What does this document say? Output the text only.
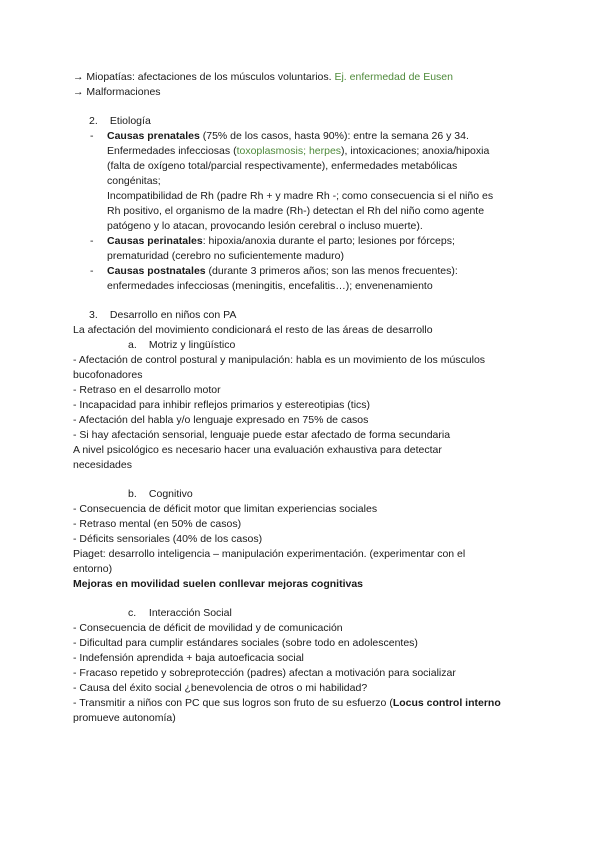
→ Miopatías: afectaciones de los músculos voluntarios. Ej. enfermedad de Eusen
→ Malformaciones
2. Etiología
-	Causas prenatales (75% de los casos, hasta 90%): entre la semana 26 y 34.
Enfermedades infecciosas (toxoplasmosis; herpes), intoxicaciones; anoxia/hipoxia
(falta de oxígeno total/parcial respectivamente), enfermedades metabólicas
congénitas;
Incompatibilidad de Rh (padre Rh + y madre Rh -; como consecuencia si el niño es
Rh positivo, el organismo de la madre (Rh-) detectan el Rh del niño como agente
patógeno y lo atacan, provocando lesión cerebral o incluso muerte).
-	Causas perinatales: hipoxia/anoxia durante el parto; lesiones por fórceps;
prematuridad (cerebro no suficientemente maduro)
-	Causas postnatales (durante 3 primeros años; son las menos frecuentes):
enfermedades infecciosas (meningitis, encefalitis…); envenenamiento
3. Desarrollo en niños con PA
La afectación del movimiento condicionará el resto de las áreas de desarrollo
a. Motriz y lingüístico
- Afectación de control postural y manipulación: habla es un movimiento de los músculos
bucofonadores
- Retraso en el desarrollo motor
- Incapacidad para inhibir reflejos primarios y estereotipias (tics)
- Afectación del habla y/o lenguaje expresado en 75% de casos
- Si hay afectación sensorial, lenguaje puede estar afectado de forma secundaria
A nivel psicológico es necesario hacer una evaluación exhaustiva para detectar
necesidades
b. Cognitivo
- Consecuencia de déficit motor que limitan experiencias sociales
- Retraso mental (en 50% de casos)
- Déficits sensoriales (40% de los casos)
Piaget: desarrollo inteligencia – manipulación experimentación. (experimentar con el
entorno)
Mejoras en movilidad suelen conllevar mejoras cognitivas
c. Interacción Social
- Consecuencia de déficit de movilidad y de comunicación
- Dificultad para cumplir estándares sociales (sobre todo en adolescentes)
- Indefensión aprendida + baja autoeficacia social
- Fracaso repetido y sobreprotección (padres) afectan a motivación para socializar
- Causa del éxito social ¿benevolencia de otros o mi habilidad?
- Transmitir a niños con PC que sus logros son fruto de su esfuerzo (Locus control interno
promueve autonomía)
